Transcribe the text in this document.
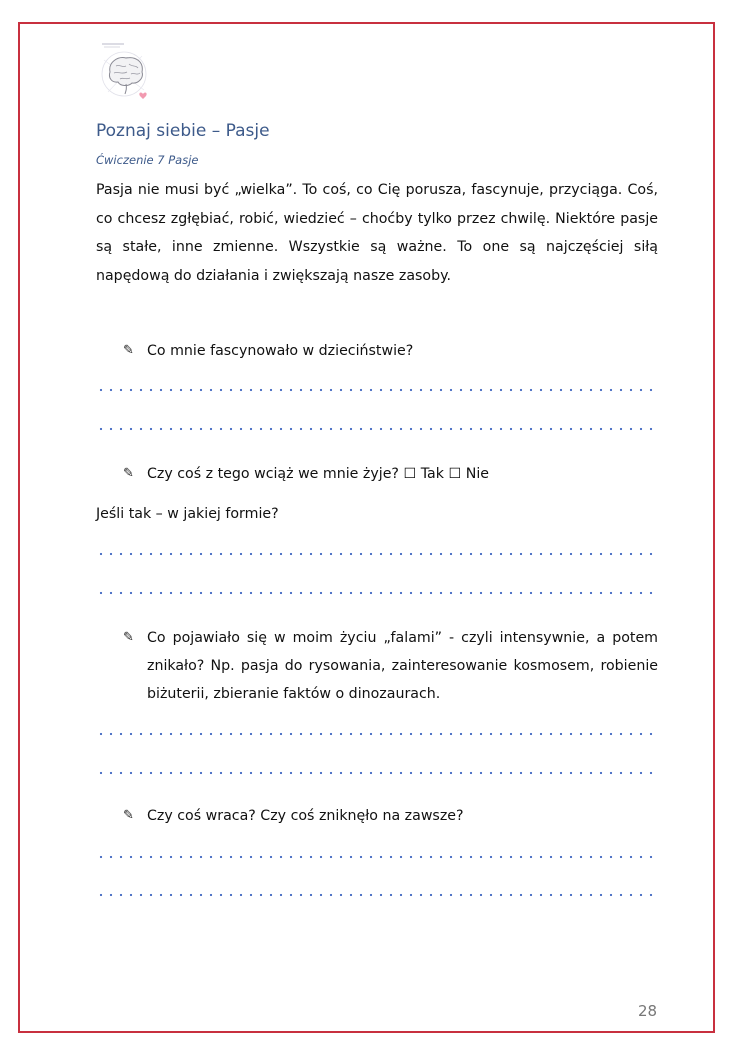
Poznaj siebie – Pasje
Ćwiczenie 7 Pasje

Pasja nie musi być „wielka”. To coś, co Cię porusza, fascynuje, przyciąga. Coś, co chcesz zgłębiać, robić, wiedzieć – choćby tylko przez chwilę. Niektóre pasje są stałe, inne zmienne. Wszystkie są ważne. To one są najczęściej siłą napędową do działania i zwiększają nasze zasoby.

✎ Co mnie fascynowało w dzieciństwie?
✎ Czy coś z tego wciąż we mnie żyje? ☐ Tak ☐ Nie
Jeśli tak – w jakiej formie?
✎ Co pojawiało się w moim życiu „falami” - czyli intensywnie, a potem znikało? Np. pasja do rysowania, zainteresowanie kosmosem, robienie biżuterii, zbieranie faktów o dinozaurach.
✎ Czy coś wraca? Czy coś zniknęło na zawsze?
28
